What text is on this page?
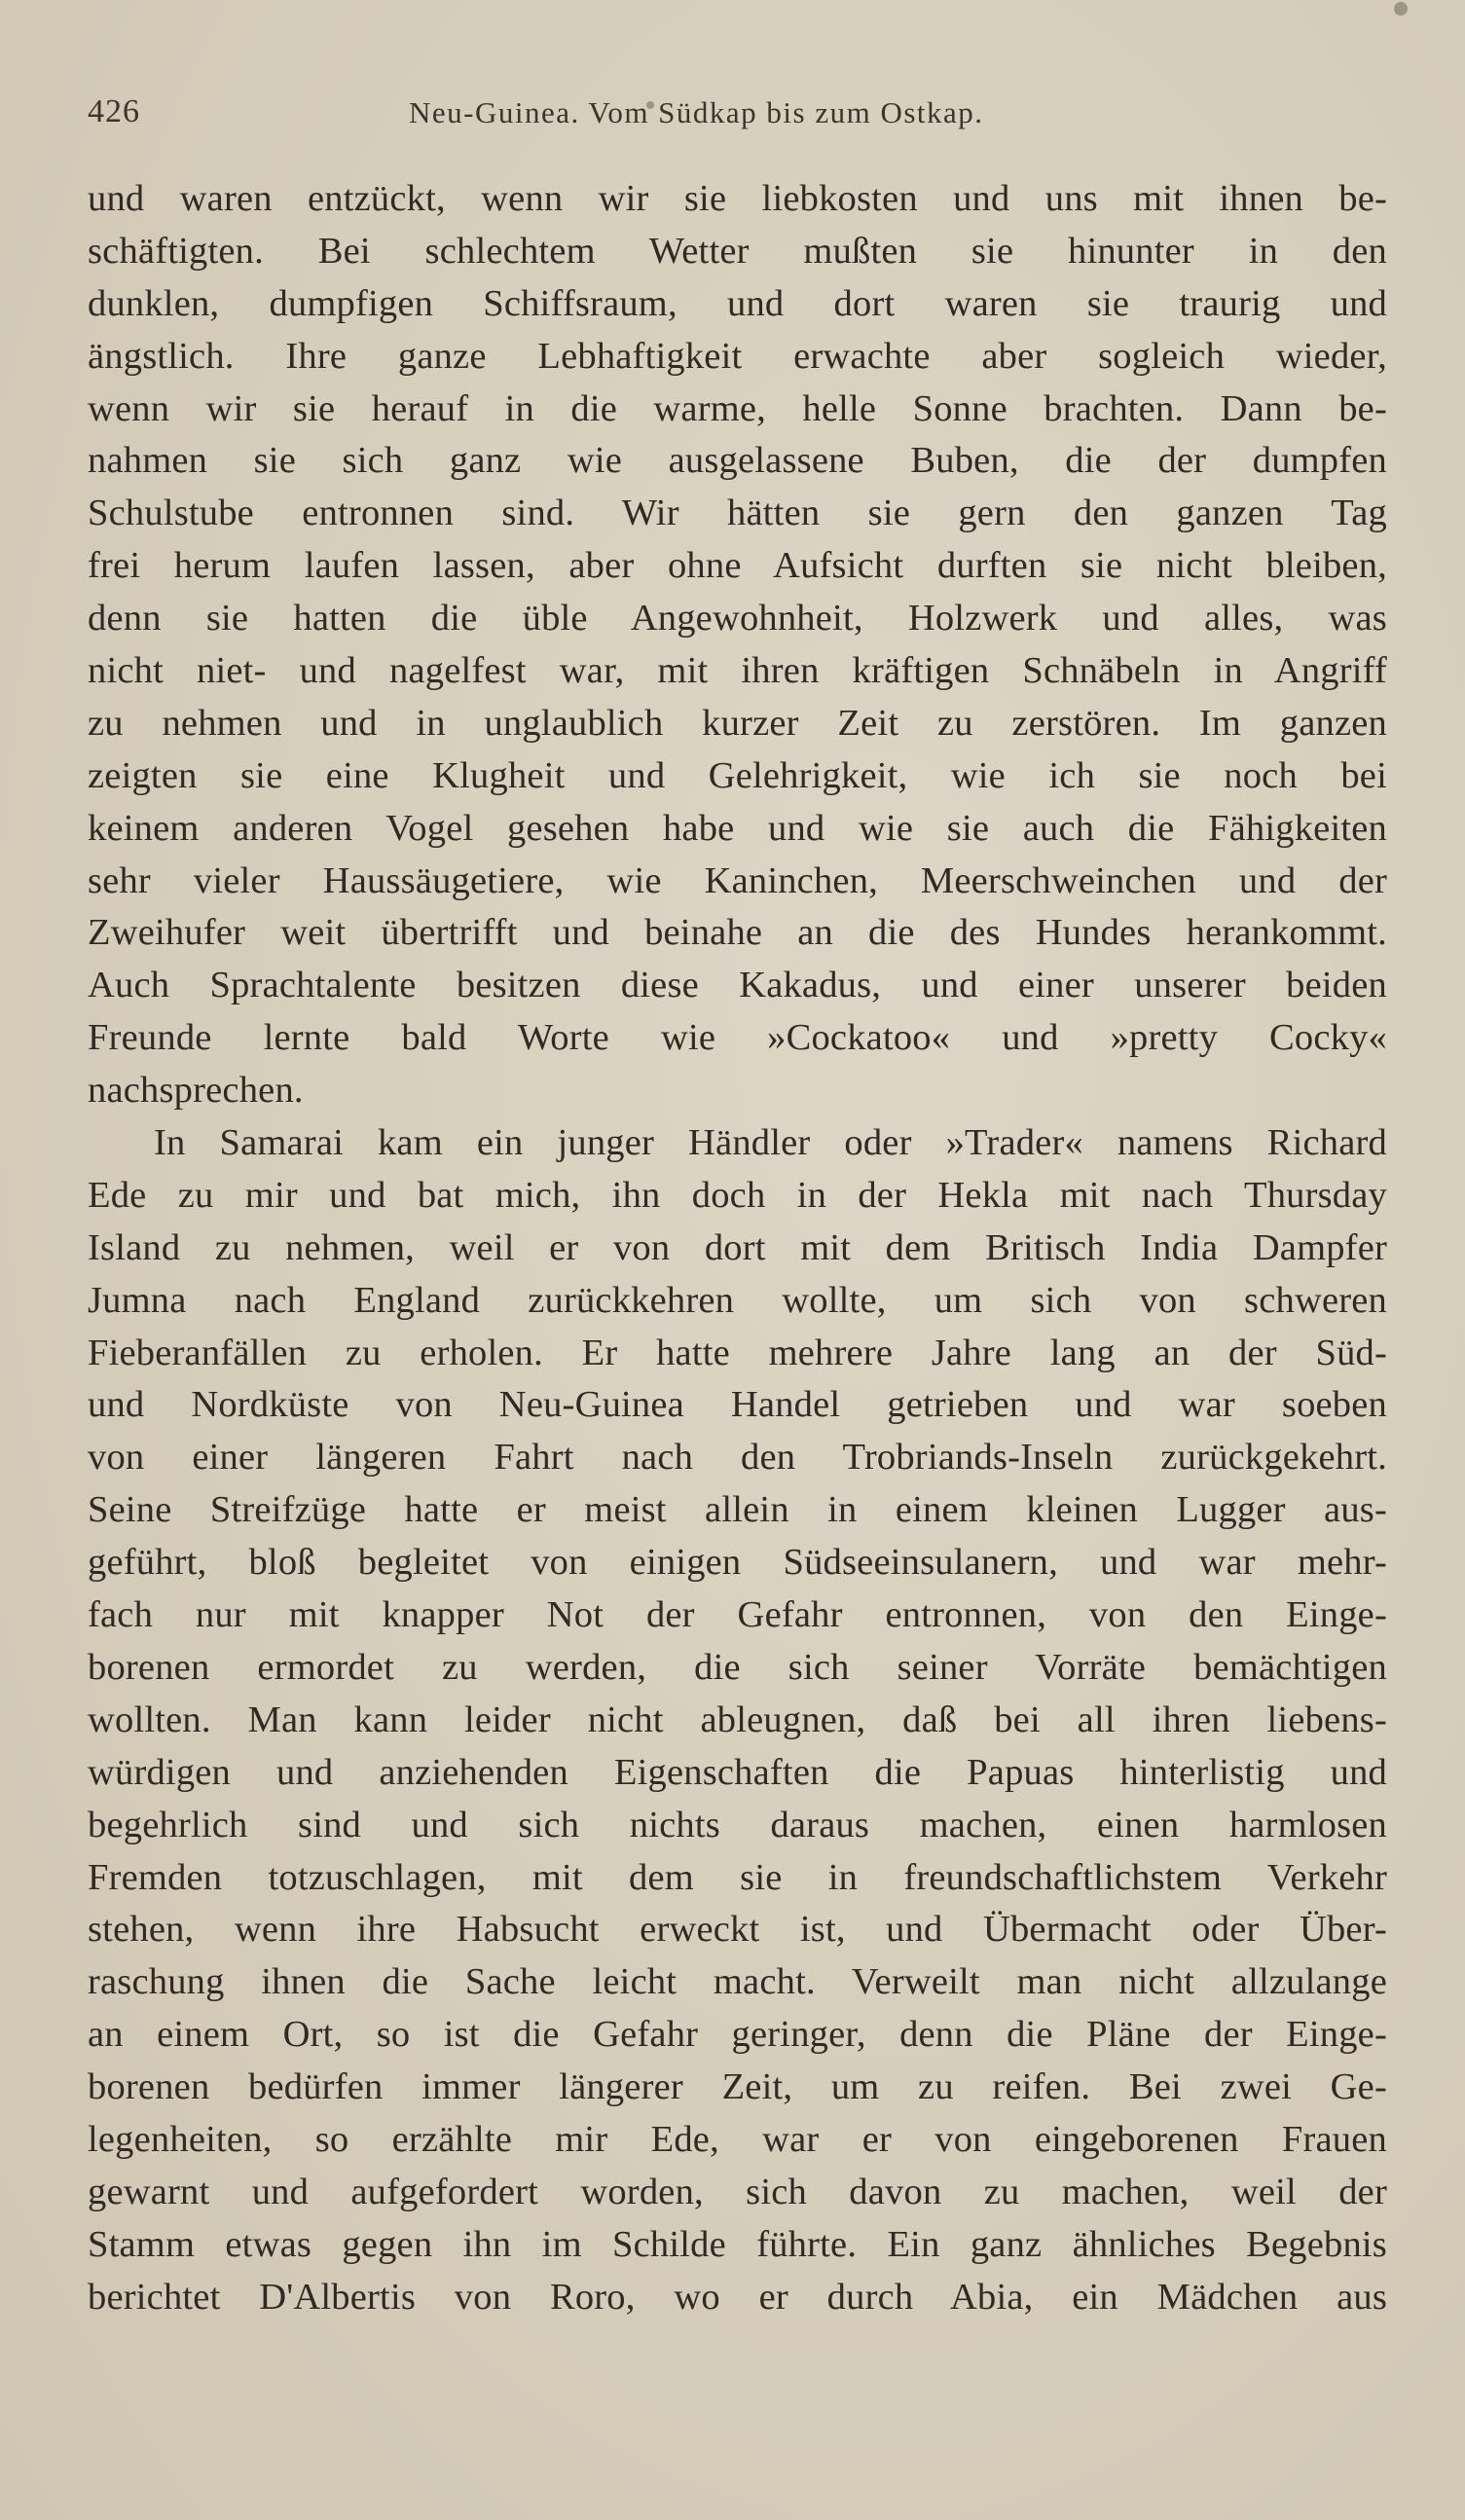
426	Neu-Guinea. Vom Südkap bis zum Ostkap.
und waren entzückt, wenn wir sie liebkosten und uns mit ihnen be-
schäftigten. Bei schlechtem Wetter mußten sie hinunter in den
dunklen, dumpfigen Schiffsraum, und dort waren sie traurig und
ängstlich. Ihre ganze Lebhaftigkeit erwachte aber sogleich wieder,
wenn wir sie herauf in die warme, helle Sonne brachten. Dann be-
nahmen sie sich ganz wie ausgelassene Buben, die der dumpfen
Schulstube entronnen sind. Wir hätten sie gern den ganzen Tag
frei herum laufen lassen, aber ohne Aufsicht durften sie nicht bleiben,
denn sie hatten die üble Angewohnheit, Holzwerk und alles, was
nicht niet- und nagelfest war, mit ihren kräftigen Schnäbeln in Angriff
zu nehmen und in unglaublich kurzer Zeit zu zerstören. Im ganzen
zeigten sie eine Klugheit und Gelehrigkeit, wie ich sie noch bei
keinem anderen Vogel gesehen habe und wie sie auch die Fähigkeiten
sehr vieler Haussäugetiere, wie Kaninchen, Meerschweinchen und der
Zweihufer weit übertrifft und beinahe an die des Hundes herankommt.
Auch Sprachtalente besitzen diese Kakadus, und einer unserer beiden
Freunde lernte bald Worte wie »Cockatoo« und »pretty Cocky«
nachsprechen.
In Samarai kam ein junger Händler oder »Trader« namens Richard
Ede zu mir und bat mich, ihn doch in der Hekla mit nach Thursday
Island zu nehmen, weil er von dort mit dem Britisch India Dampfer
Jumna nach England zurückkehren wollte, um sich von schweren
Fieberanfällen zu erholen. Er hatte mehrere Jahre lang an der Süd-
und Nordküste von Neu-Guinea Handel getrieben und war soeben
von einer längeren Fahrt nach den Trobriands-Inseln zurückgekehrt.
Seine Streifzüge hatte er meist allein in einem kleinen Lugger aus-
geführt, bloß begleitet von einigen Südseeinsulanern, und war mehr-
fach nur mit knapper Not der Gefahr entronnen, von den Einge-
borenen ermordet zu werden, die sich seiner Vorräte bemächtigen
wollten. Man kann leider nicht ableugnen, daß bei all ihren liebens-
würdigen und anziehenden Eigenschaften die Papuas hinterlistig und
begehrlich sind und sich nichts daraus machen, einen harmlosen
Fremden totzuschlagen, mit dem sie in freundschaftlichstem Verkehr
stehen, wenn ihre Habsucht erweckt ist, und Übermacht oder Über-
raschung ihnen die Sache leicht macht. Verweilt man nicht allzulange
an einem Ort, so ist die Gefahr geringer, denn die Pläne der Einge-
borenen bedürfen immer längerer Zeit, um zu reifen. Bei zwei Ge-
legenheiten, so erzählte mir Ede, war er von eingeborenen Frauen
gewarnt und aufgefordert worden, sich davon zu machen, weil der
Stamm etwas gegen ihn im Schilde führte. Ein ganz ähnliches Begebnis
berichtet D'Albertis von Roro, wo er durch Abia, ein Mädchen aus
